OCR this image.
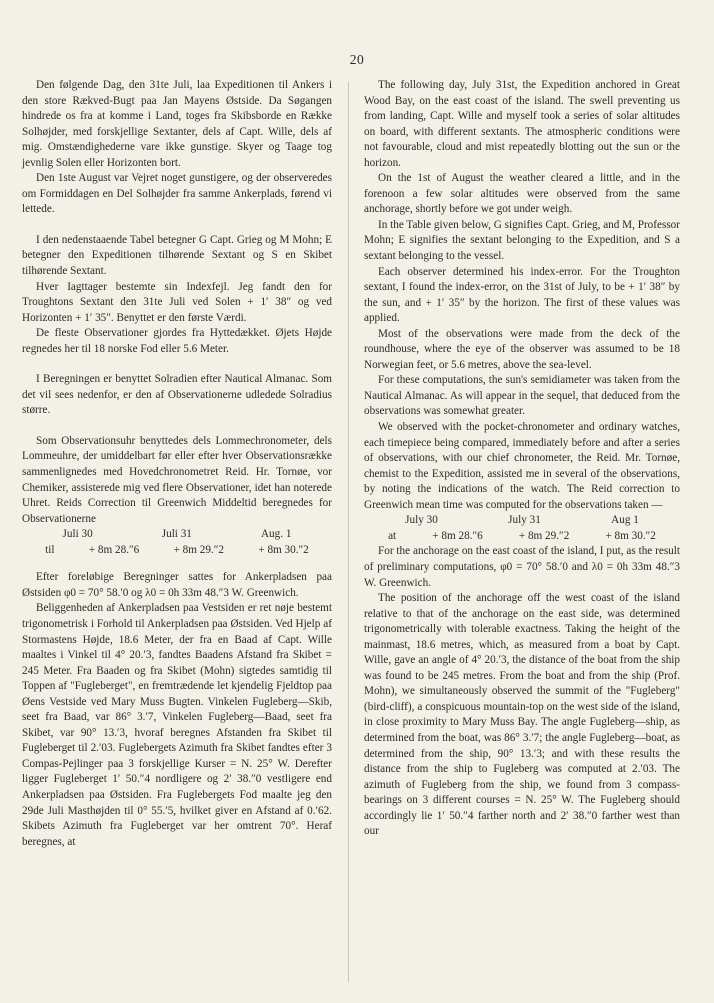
20

Den følgende Dag, den 31te Juli, laa Expeditionen til Ankers i den store Rækved-Bugt paa Jan Mayens Østside. Da Søgangen hindrede os fra at komme i Land, toges fra Skibsborde en Række Solhøjder, med forskjellige Sextanter, dels af Capt. Wille, dels af mig. Omstændighederne vare ikke gunstige. Skyer og Taage tog jevnlig Solen eller Horizonten bort.

Den 1ste August var Vejret noget gunstigere, og der observeredes om Formiddagen en Del Solhøjder fra samme Ankerplads, førend vi lettede.

I den nedenstaaende Tabel betegner G Capt. Grieg og M Mohn; E betegner den Expeditionen tilhørende Sextant og S en Skibet tilhørende Sextant.

Hver Iagttager bestemte sin Indexfejl. Jeg fandt den for Troughtons Sextant den 31te Juli ved Solen + 1′ 38″ og ved Horizonten + 1′ 35″. Benyttet er den første Værdi.

De fleste Observationer gjordes fra Hyttedækket. Øjets Højde regnedes her til 18 norske Fod eller 5.6 Meter.

I Beregningen er benyttet Solradien efter Nautical Almanac. Som det vil sees nedenfor, er den af Observationerne udledede Solradius større.

Som Observationsuhr benyttedes dels Lommechronometer, dels Lommeuhre, der umiddelbart før eller efter hver Observationsrække sammenlignedes med Hovedchronometret Reid. Hr. Tornøe, vor Chemiker, assisterede mig ved flere Observationer, idet han noterede Uhret. Reids Correction til Greenwich Middeltid beregnedes for Observationerne

Juli 30	Juli 31	Aug. 1
til	+ 8m 28.″6	+ 8m 29.″2	+ 8m 30.″2

Efter foreløbige Beregninger sattes for Ankerpladsen paa Østsiden φ0 = 70° 58.′0 og λ0 = 0h 33m 48.″3 W. Greenwich.

Beliggenheden af Ankerpladsen paa Vestsiden er ret nøje bestemt trigonometrisk i Forhold til Ankerpladsen paa Østsiden. Ved Hjelp af Stormastens Højde, 18.6 Meter, der fra en Baad af Capt. Wille maaltes i Vinkel til 4° 20.′3, fandtes Baadens Afstand fra Skibet = 245 Meter. Fra Baaden og fra Skibet (Mohn) sigtedes samtidig til Toppen af "Fugleberget", en fremtrædende let kjendelig Fjeldtop paa Øens Vestside ved Mary Muss Bugten. Vinkelen Fugleberg—Skib, seet fra Baad, var 86° 3.′7, Vinkelen Fugleberg—Baad, seet fra Skibet, var 90° 13.′3, hvoraf beregnes Afstanden fra Skibet til Fugleberget til 2.′03. Fuglebergets Azimuth fra Skibet fandtes efter 3 Compas-Pejlinger paa 3 forskjellige Kurser = N. 25° W. Derefter ligger Fugleberget 1′ 50.″4 nordligere og 2′ 38.″0 vestligere end Ankerpladsen paa Østsiden. Fra Fuglebergets Fod maalte jeg den 29de Juli Masthøjden til 0° 55.′5, hvilket giver en Afstand af 0.′62. Skibets Azimuth fra Fugleberget var her omtrent 70°. Heraf beregnes, at

The following day, July 31st, the Expedition anchored in Great Wood Bay, on the east coast of the island. The swell preventing us from landing, Capt. Wille and myself took a series of solar altitudes on board, with different sextants. The atmospheric conditions were not favourable, cloud and mist repeatedly blotting out the sun or the horizon.

On the 1st of August the weather cleared a little, and in the forenoon a few solar altitudes were observed from the same anchorage, shortly before we got under weigh.

In the Table given below, G signifies Capt. Grieg, and M, Professor Mohn; E signifies the sextant belonging to the Expedition, and S a sextant belonging to the vessel.

Each observer determined his index-error. For the Troughton sextant, I found the index-error, on the 31st of July, to be + 1′ 38″ by the sun, and + 1′ 35″ by the horizon. The first of these values was applied.

Most of the observations were made from the deck of the roundhouse, where the eye of the observer was assumed to be 18 Norwegian feet, or 5.6 metres, above the sea-level.

For these computations, the sun's semidiameter was taken from the Nautical Almanac. As will appear in the sequel, that deduced from the observations was somewhat greater.

We observed with the pocket-chronometer and ordinary watches, each timepiece being compared, immediately before and after a series of observations, with our chief chronometer, the Reid. Mr. Tornøe, chemist to the Expedition, assisted me in several of the observations, by noting the indications of the watch. The Reid correction to Greenwich mean time was computed for the observations taken —

July 30	July 31	Aug 1
at	+ 8m 28.″6	+ 8m 29.″2	+ 8m 30.″2

For the anchorage on the east coast of the island, I put, as the result of preliminary computations, φ0 = 70° 58.′0 and λ0 = 0h 33m 48.″3 W. Greenwich.

The position of the anchorage off the west coast of the island relative to that of the anchorage on the east side, was determined trigonometrically with tolerable exactness. Taking the height of the mainmast, 18.6 metres, which, as measured from a boat by Capt. Wille, gave an angle of 4° 20.′3, the distance of the boat from the ship was found to be 245 metres. From the boat and from the ship (Prof. Mohn), we simultaneously observed the summit of the "Fugleberg" (bird-cliff), a conspicuous mountain-top on the west side of the island, in close proximity to Mary Muss Bay. The angle Fugleberg—ship, as determined from the boat, was 86° 3.′7; the angle Fugleberg—boat, as determined from the ship, 90° 13.′3; and with these results the distance from the ship to Fugleberg was computed at 2.′03. The azimuth of Fugleberg from the ship, we found from 3 compass-bearings on 3 different courses = N. 25° W. The Fugleberg should accordingly lie 1′ 50.″4 farther north and 2′ 38.″0 farther west than our
